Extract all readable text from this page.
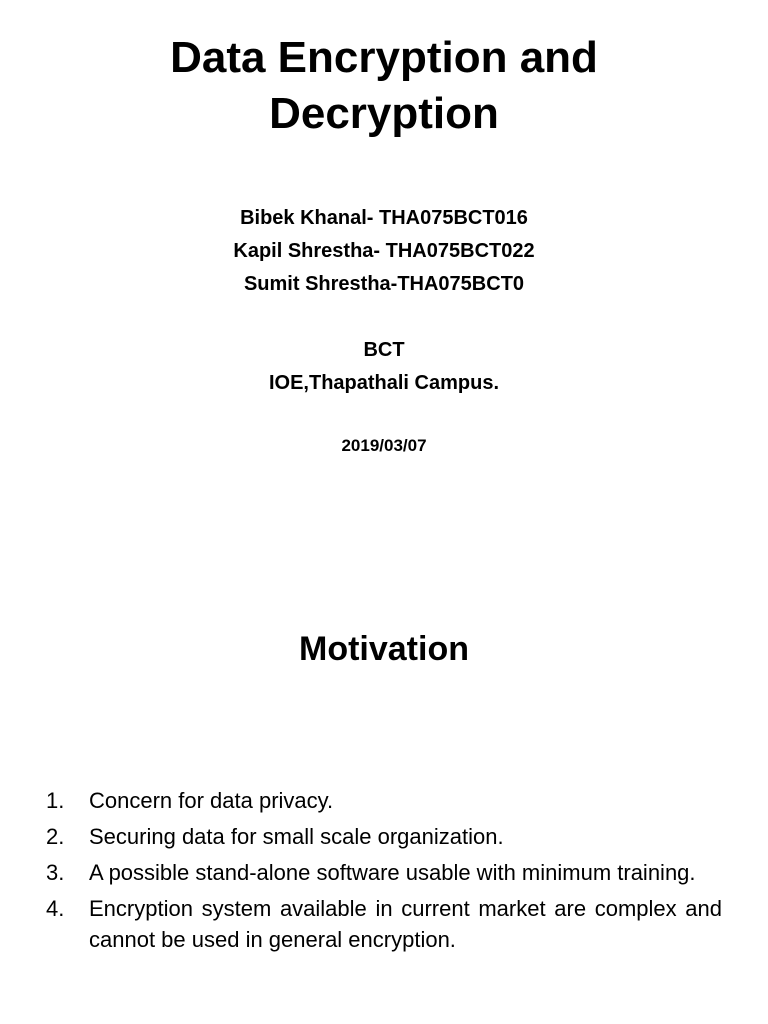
Data Encryption and

Decryption

Bibek Khanal- THA075BCT016

Kapil Shrestha- THA075BCT022

Sumit Shrestha-THA075BCT0

BCT

IOE,Thapathali Campus.

2019/03/07

Motivation
1.	Concern for data privacy.
2.	Securing data for small scale organization.
3.	A possible stand-alone software usable with minimum training.
4.	Encryption system available in current market are complex and cannot be used in general encryption.
